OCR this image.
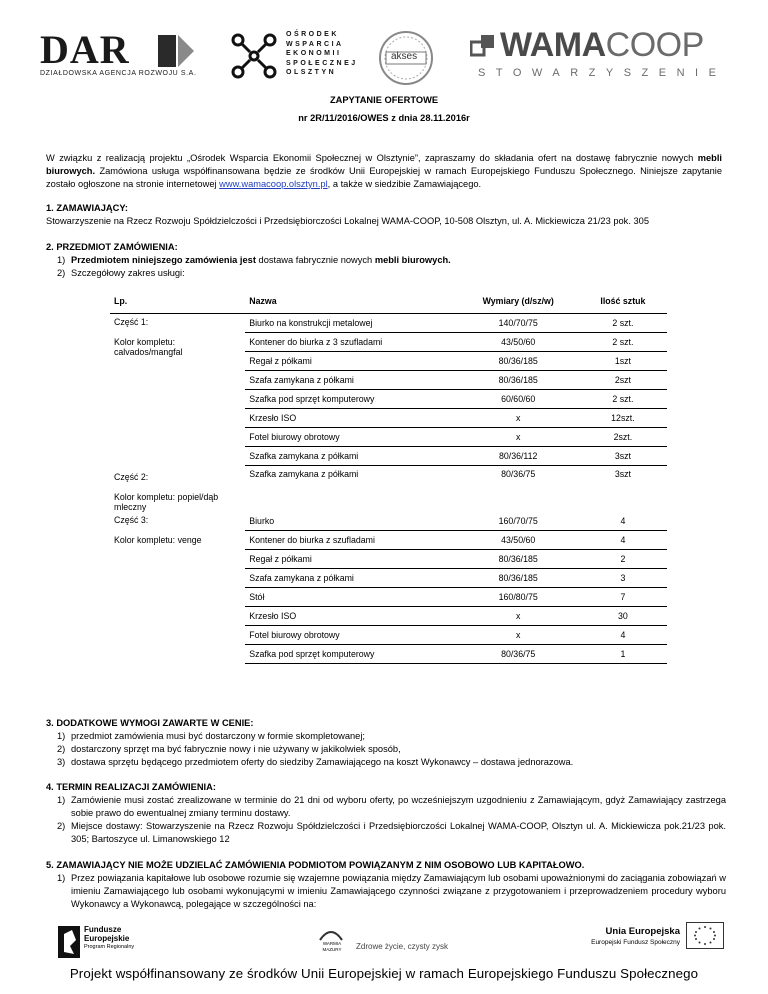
DAR
DZIAŁDOWSKA AGENCJA ROZWOJU S.A.
OŚRODEK
WSPARCIA
EKONOMII
SPOŁECZNEJ
OLSZTYN
akses WAMACOOP
STOWARZYSZENIE
ZAPYTANIE OFERTOWE
nr 2R/11/2016/OWES z dnia 28.11.2016r
W związku z realizacją projektu „Ośrodek Wsparcia Ekonomii Społecznej w Olsztynie”, zapraszamy do składania ofert na dostawę fabrycznie nowych mebli biurowych. Zamówiona usługa współfinansowana będzie ze środków Unii Europejskiej w ramach Europejskiego Funduszu Społecznego. Niniejsze zapytanie zostało ogłoszone na stronie internetowej www.wamacoop.olsztyn.pl, a także w siedzibie Zamawiającego.
1. ZAMAWIAJĄCY:
Stowarzyszenie na Rzecz Rozwoju Spółdzielczości i Przedsiębiorczości Lokalnej WAMA-COOP, 10-508 Olsztyn, ul. A. Mickiewicza 21/23 pok. 305
2. PRZEDMIOT ZAMÓWIENIA:
1) Przedmiotem niniejszego zamówienia jest dostawa fabrycznie nowych mebli biurowych.
2) Szczegółowy zakres usługi:
Lp.	Nazwa	Wymiary (d/sz/w)	Ilość sztuk

Część 1:
Kolor kompletu: calvados/mangfal	Biurko na konstrukcji metalowej	140/70/75	2 szt.
	Kontener do biurka z 3 szufladami	43/50/60	2 szt.
	Regał z półkami	80/36/185	1szt
	Szafa zamykana z półkami	80/36/185	2szt
	Szafka pod sprzęt komputerowy	60/60/60	2 szt.
	Krzesło ISO	x	12szt.
	Fotel biurowy obrotowy	x	2szt.
	Szafka zamykana z półkami	80/36/112	3szt

Część 2:
Kolor kompletu: popiel/dąb mleczny	Szafka zamykana z półkami	80/36/75	3szt

Część 3:
Kolor kompletu: venge	Biurko	160/70/75	4
	Kontener do biurka z szufladami	43/50/60	4
	Regał z półkami	80/36/185	2
	Szafa zamykana z półkami	80/36/185	3
	Stół	160/80/75	7
	Krzesło ISO	x	30
	Fotel biurowy obrotowy	x	4
	Szafka pod sprzęt komputerowy	80/36/75	1
3. DODATKOWE WYMOGI ZAWARTE W CENIE:
1) przedmiot zamówienia musi być dostarczony w formie skompletowanej;
2) dostarczony sprzęt ma być fabrycznie nowy i nie używany w jakikolwiek sposób,
3) dostawa sprzętu będącego przedmiotem oferty do siedziby Zamawiającego na koszt Wykonawcy – dostawa jednorazowa.
4. TERMIN REALIZACJI ZAMÓWIENIA:
1) Zamówienie musi zostać zrealizowane w terminie do 21 dni od wyboru oferty, po wcześniejszym uzgodnieniu z Zamawiającym, gdyż Zamawiający zastrzega sobie prawo do ewentualnej zmiany terminu dostawy.
2) Miejsce dostawy: Stowarzyszenie na Rzecz Rozwoju Spółdzielczości i Przedsiębiorczości Lokalnej WAMA-COOP, Olsztyn ul. A. Mickiewicza pok.21/23 pok. 305; Bartoszyce ul. Limanowskiego 12
5. ZAMAWIAJĄCY NIE MOŻE UDZIELAĆ ZAMÓWIENIA PODMIOTOM POWIĄZANYM Z NIM OSOBOWO LUB KAPITAŁOWO.
1) Przez powiązania kapitałowe lub osobowe rozumie się wzajemne powiązania między Zamawiającym lub osobami upoważnionymi do zaciągania zobowiązań w imieniu Zamawiającego lub osobami wykonującymi w imieniu Zamawiającego czynności związane z przygotowaniem i przeprowadzeniem procedury wyboru Wykonawcy a Wykonawcą, polegające w szczególności na:
Fundusze
Europejskie
Program Regionalny
WARMIA
MAZURY	Zdrowe życie, czysty zysk
Unia Europejska
Europejski Fundusz Społeczny
Projekt współfinansowany ze środków Unii Europejskiej w ramach Europejskiego Funduszu Społecznego
